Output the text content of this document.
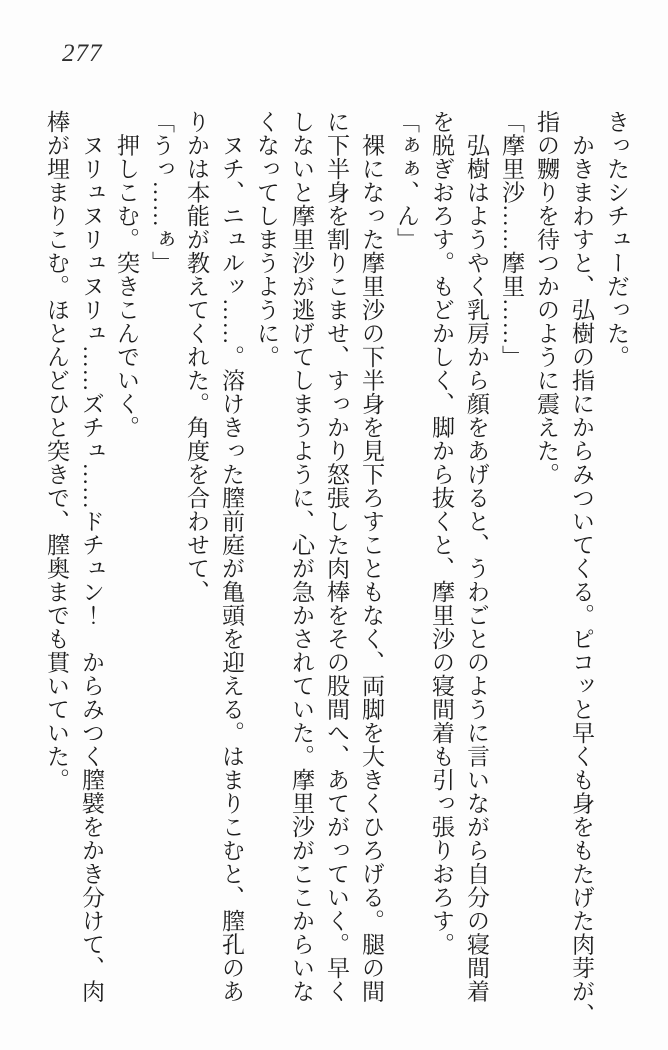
277
きったシチューだった。
　かきまわすと、弘樹の指にからみついてくる。ピコッと早くも身をもたげた肉芽が、
指の嬲りを待つかのように震えた。
「摩里沙……摩里……」
　弘樹はようやく乳房から顔をあげると、うわごとのように言いながら自分の寝間着
を脱ぎおろす。もどかしく、脚から抜くと、摩里沙の寝間着も引っ張りおろす。
「ぁぁ、ん」
　裸になった摩里沙の下半身を見下ろすこともなく、両脚を大きくひろげる。腿の間
に下半身を割りこませ、すっかり怒張した肉棒をその股間へ、あてがっていく。早く
しないと摩里沙が逃げてしまうように、心が急かされていた。摩里沙がここからいな
くなってしまうように。
　ヌチ、ニュルッ……。溶けきった膣前庭が亀頭を迎える。はまりこむと、膣孔のあ
りかは本能が教えてくれた。角度を合わせて、
「うっ……ぁ」
　押しこむ。突きこんでいく。
　ヌリュヌリュヌリュ……ズチュ……ドチュン！　からみつく膣襞をかき分けて、肉
棒が埋まりこむ。ほとんどひと突きで、膣奥までも貫いていた。
